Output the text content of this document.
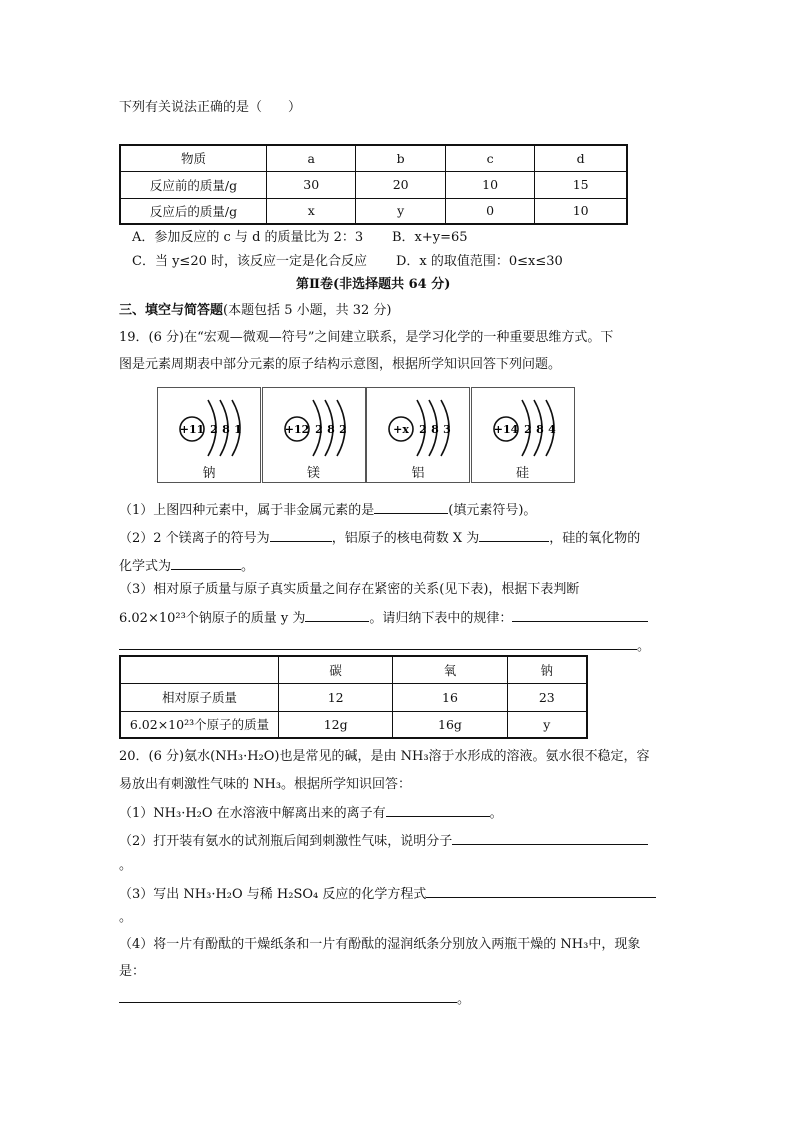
下列有关说法正确的是（　　）
物质	a	b	c	d
反应前的质量/g	30	20	10	15
反应后的质量/g	x	y	0	10
A．参加反应的 c 与 d 的质量比为 2：3 B．x+y=65
C．当 y≤20 时，该反应一定是化合反应 D．x 的取值范围：0≤x≤30
第Ⅱ卷(非选择题共 64 分)
三、填空与简答题(本题包括 5 小题，共 32 分)
19．(6 分)在“宏观—微观—符号”之间建立联系，是学习化学的一种重要思维方式。下
图是元素周期表中部分元素的原子结构示意图，根据所学知识回答下列问题。
+11 2 8 1
钠
+12 2 8 2
镁
+x 2 8 3
铝
+14 2 8 4
硅
（1）上图四种元素中，属于非金属元素的是	(填元素符号)。
（2）2 个镁离子的符号为	，铝原子的核电荷数 X 为	，硅的氧化物的
化学式为	。
（3）相对原子质量与原子真实质量之间存在紧密的关系(见下表)，根据下表判断
6.02×10²³个钠原子的质量 y 为	。请归纳下表中的规律：
。
	碳	氧	钠
相对原子质量	12	16	23
6.02×10²³个原子的质量	12g	16g	y
20．(6 分)氨水(NH₃·H₂O)也是常见的碱，是由 NH₃溶于水形成的溶液。氨水很不稳定，容
易放出有刺激性气味的 NH₃。根据所学知识回答：
（1）NH₃·H₂O 在水溶液中解离出来的离子有	。
（2）打开装有氨水的试剂瓶后闻到刺激性气味，说明分子
。
（3）写出 NH₃·H₂O 与稀 H₂SO₄ 反应的化学方程式
。
（4）将一片有酚酞的干燥纸条和一片有酚酞的湿润纸条分别放入两瓶干燥的 NH₃中，现象
是：
。
